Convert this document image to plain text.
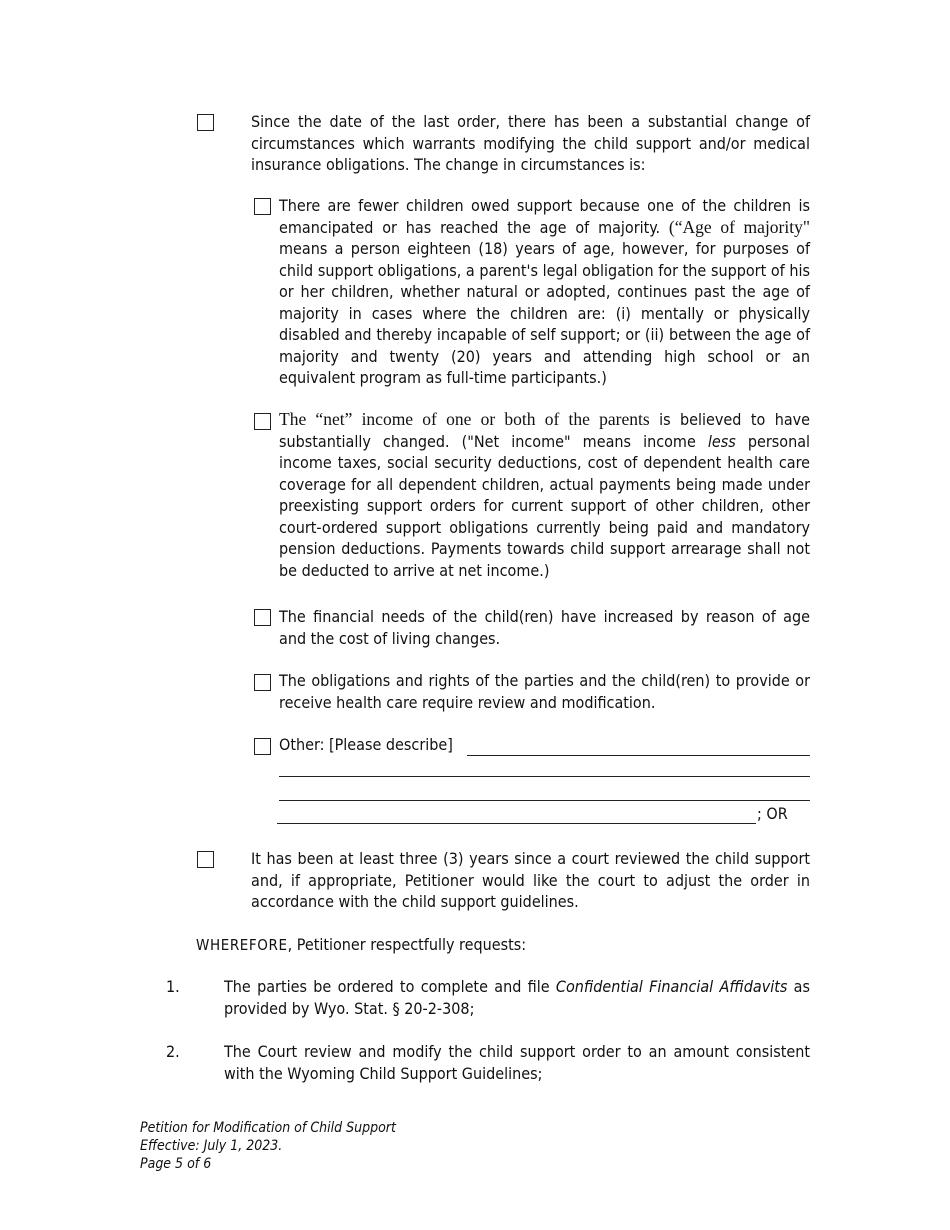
Since the date of the last order, there has been a substantial change of circumstances which warrants modifying the child support and/or medical insurance obligations. The change in circumstances is:
There are fewer children owed support because one of the children is emancipated or has reached the age of majority. (“Age of majority" means a person eighteen (18) years of age, however, for purposes of child support obligations, a parent's legal obligation for the support of his or her children, whether natural or adopted, continues past the age of majority in cases where the children are: (i) mentally or physically disabled and thereby incapable of self support; or (ii) between the age of majority and twenty (20) years and attending high school or an equivalent program as full-time participants.)
The “net” income of one or both of the parents is believed to have substantially changed. ("Net income" means income less personal income taxes, social security deductions, cost of dependent health care coverage for all dependent children, actual payments being made under preexisting support orders for current support of other children, other court-ordered support obligations currently being paid and mandatory pension deductions. Payments towards child support arrearage shall not be deducted to arrive at net income.)
The financial needs of the child(ren) have increased by reason of age and the cost of living changes.
The obligations and rights of the parties and the child(ren) to provide or receive health care require review and modification.
Other: [Please describe]
; OR
It has been at least three (3) years since a court reviewed the child support and, if appropriate, Petitioner would like the court to adjust the order in accordance with the child support guidelines.
WHEREFORE, Petitioner respectfully requests:
1.	The parties be ordered to complete and file Confidential Financial Affidavits as provided by Wyo. Stat. § 20-2-308;
2.	The Court review and modify the child support order to an amount consistent with the Wyoming Child Support Guidelines;
Petition for Modification of Child Support
Effective: July 1, 2023.
Page 5 of 6
